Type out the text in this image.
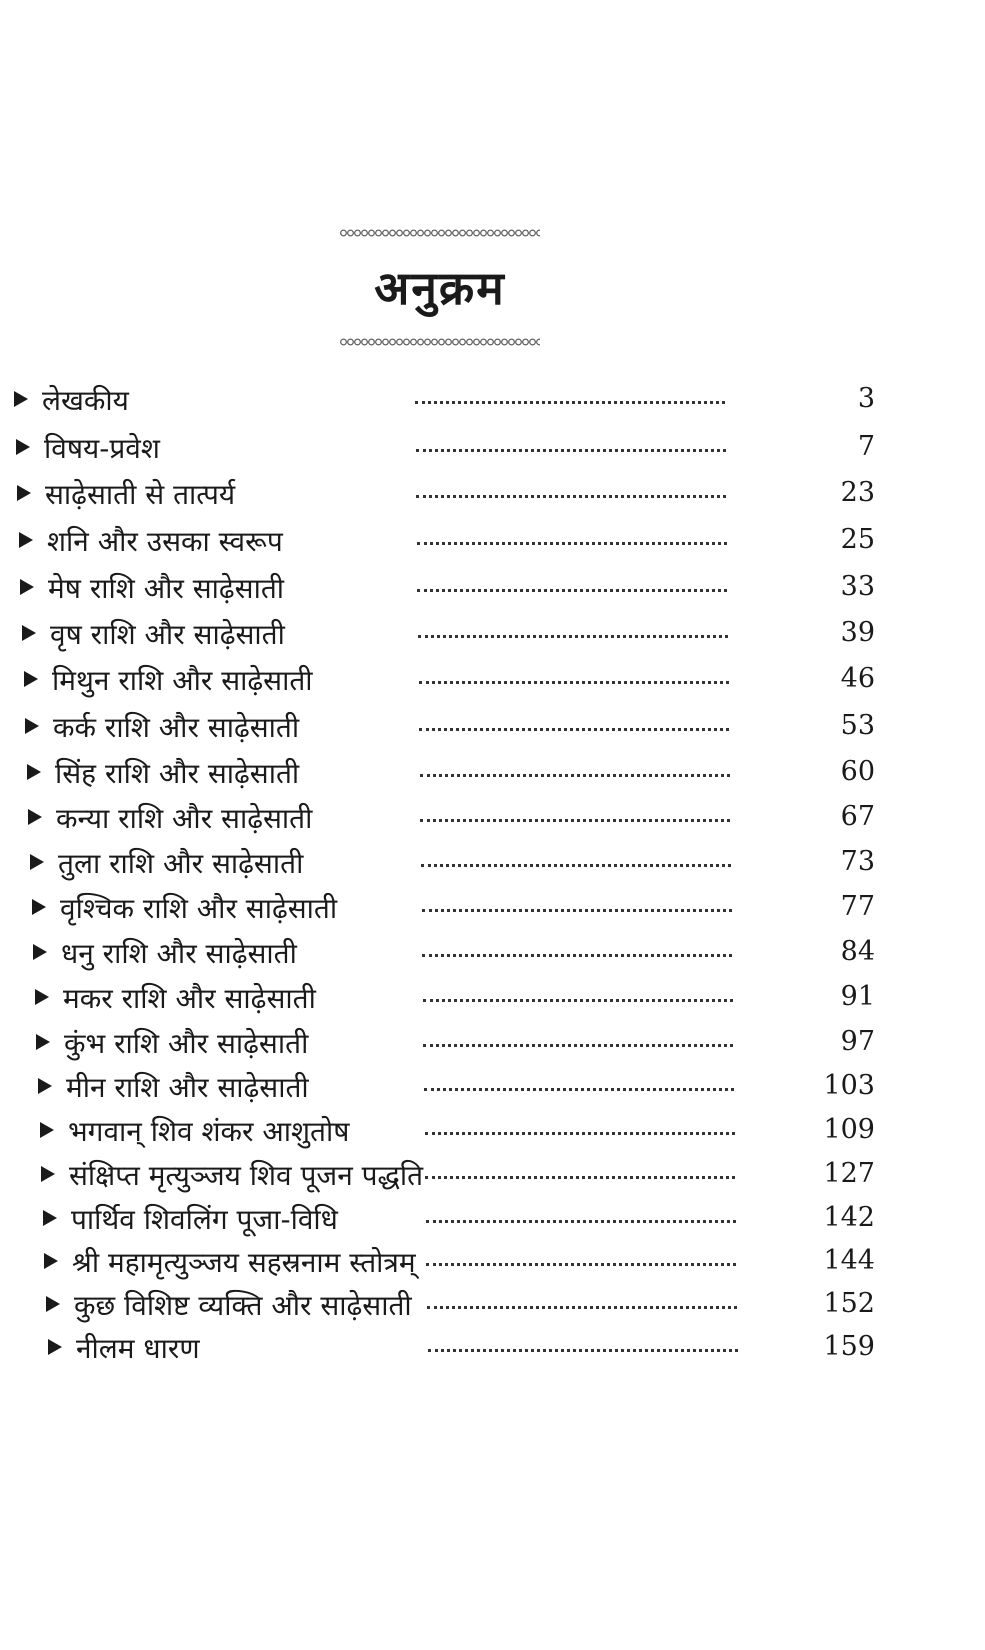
अनुक्रम
लेखकीय	3
विषय-प्रवेश	7
साढ़ेसाती से तात्पर्य	23
शनि और उसका स्वरूप	25
मेष राशि और साढ़ेसाती	33
वृष राशि और साढ़ेसाती	39
मिथुन राशि और साढ़ेसाती	46
कर्क राशि और साढ़ेसाती	53
सिंह राशि और साढ़ेसाती	60
कन्या राशि और साढ़ेसाती	67
तुला राशि और साढ़ेसाती	73
वृश्चिक राशि और साढ़ेसाती	77
धनु राशि और साढ़ेसाती	84
मकर राशि और साढ़ेसाती	91
कुंभ राशि और साढ़ेसाती	97
मीन राशि और साढ़ेसाती	103
भगवान् शिव शंकर आशुतोष	109
संक्षिप्त मृत्युञ्जय शिव पूजन पद्धति	127
पार्थिव शिवलिंग पूजा-विधि	142
श्री महामृत्युञ्जय सहस्रनाम स्तोत्रम्	144
कुछ विशिष्ट व्यक्ति और साढ़ेसाती	152
नीलम धारण	159
